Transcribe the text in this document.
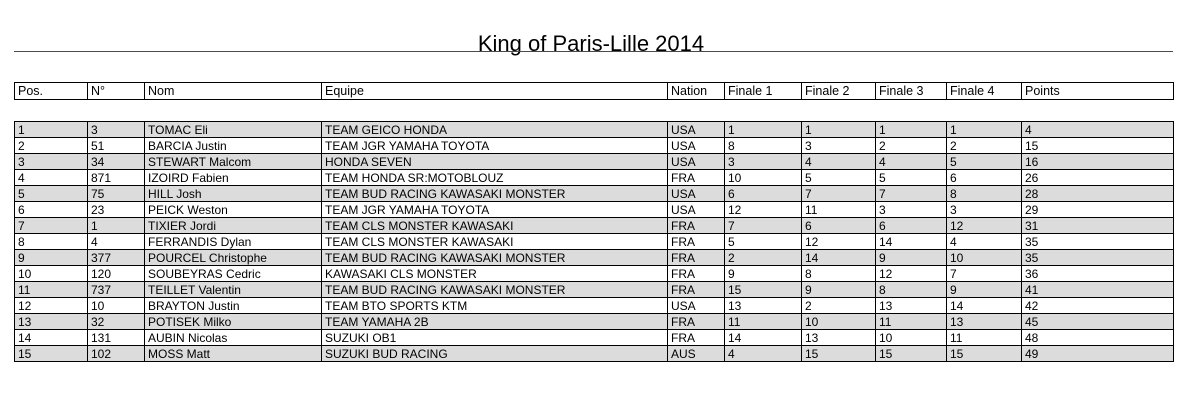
King of Paris-Lille 2014
Pos.	N°	Nom	Equipe	Nation	Finale 1	Finale 2	Finale 3	Finale 4	Points
1	3	TOMAC Eli	TEAM GEICO HONDA	USA	1	1	1	1	4
2	51	BARCIA Justin	TEAM JGR YAMAHA TOYOTA	USA	8	3	2	2	15
3	34	STEWART Malcom	HONDA SEVEN	USA	3	4	4	5	16
4	871	IZOIRD Fabien	TEAM HONDA SR:MOTOBLOUZ	FRA	10	5	5	6	26
5	75	HILL Josh	TEAM BUD RACING KAWASAKI MONSTER	USA	6	7	7	8	28
6	23	PEICK Weston	TEAM JGR YAMAHA TOYOTA	USA	12	11	3	3	29
7	1	TIXIER Jordi	TEAM CLS MONSTER KAWASAKI	FRA	7	6	6	12	31
8	4	FERRANDIS Dylan	TEAM CLS MONSTER KAWASAKI	FRA	5	12	14	4	35
9	377	POURCEL Christophe	TEAM BUD RACING KAWASAKI MONSTER	FRA	2	14	9	10	35
10	120	SOUBEYRAS Cedric	KAWASAKI CLS MONSTER	FRA	9	8	12	7	36
11	737	TEILLET Valentin	TEAM BUD RACING KAWASAKI MONSTER	FRA	15	9	8	9	41
12	10	BRAYTON Justin	TEAM BTO SPORTS KTM	USA	13	2	13	14	42
13	32	POTISEK Milko	TEAM YAMAHA 2B	FRA	11	10	11	13	45
14	131	AUBIN Nicolas	SUZUKI OB1	FRA	14	13	10	11	48
15	102	MOSS Matt	SUZUKI BUD RACING	AUS	4	15	15	15	49
